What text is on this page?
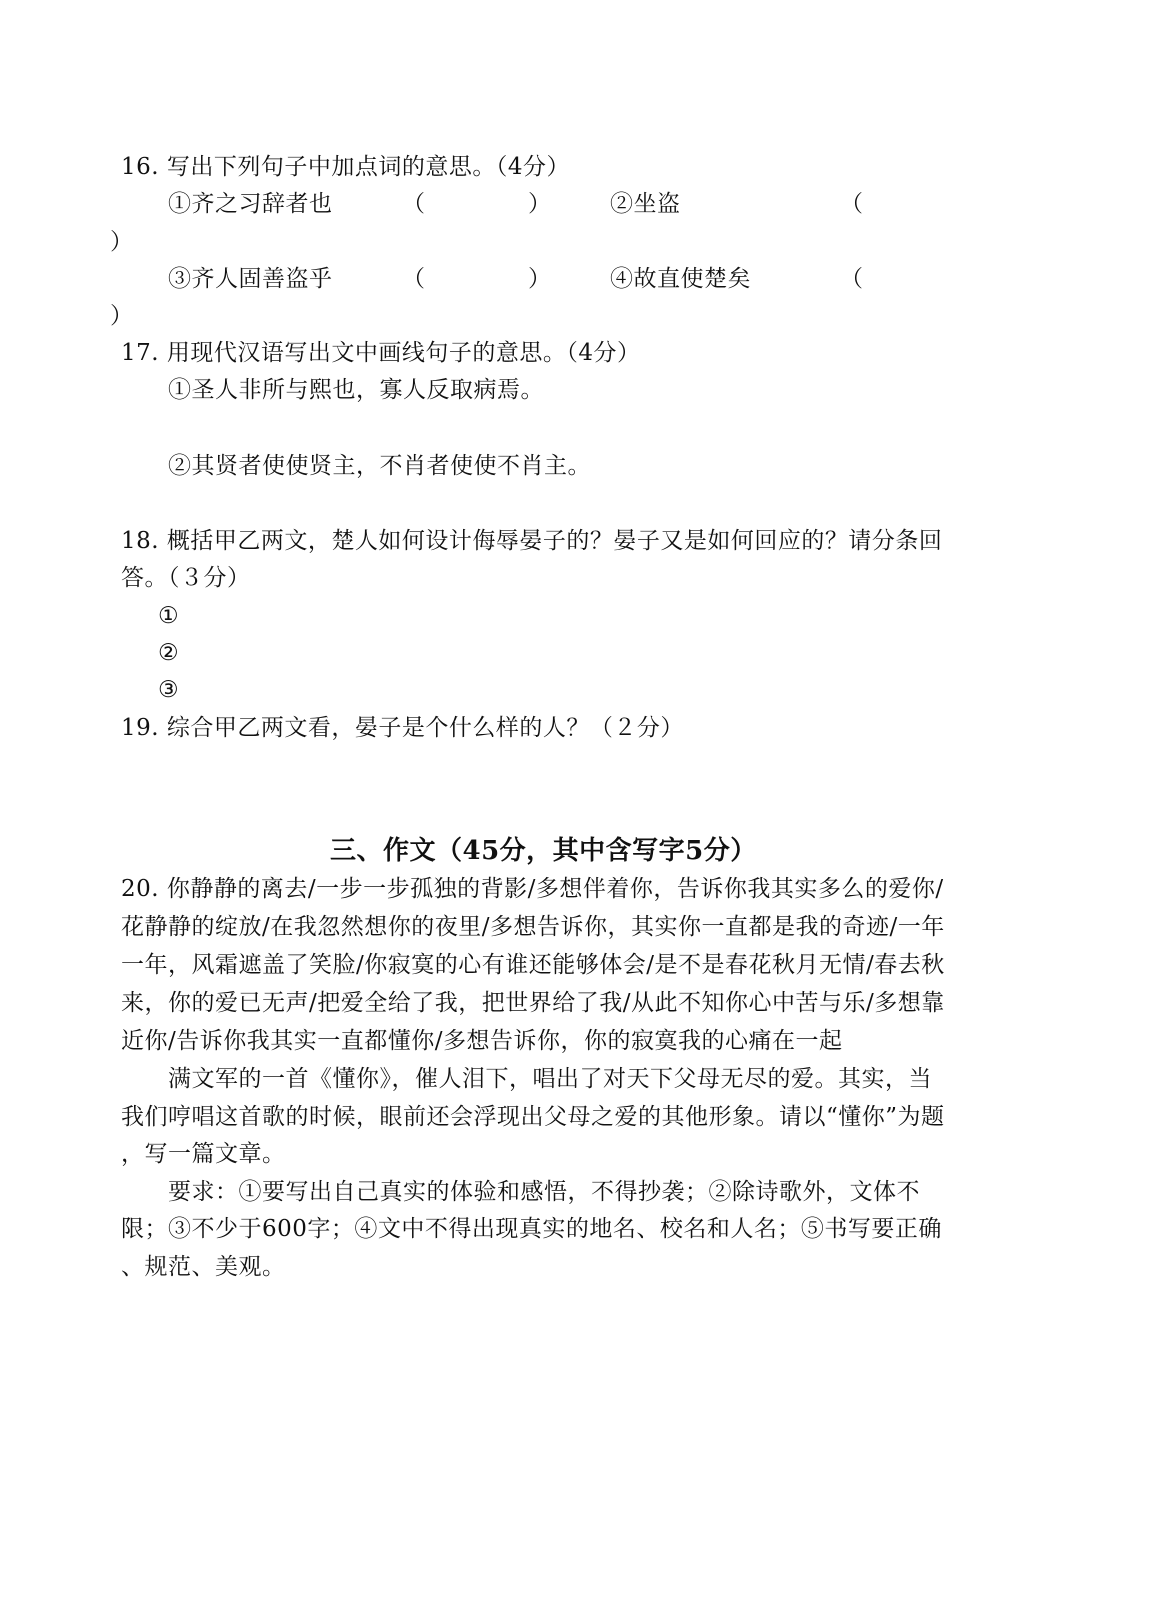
16. 写出下列句子中加点词的意思。（4分）
①齐之习辞者也	（	）	②坐盗	（
）
③齐人固善盗乎	（	）	④故直使楚矣	（
）
17. 用现代汉语写出文中画线句子的意思。（4分）
①圣人非所与熙也，寡人反取病焉。
②其贤者使使贤主，不肖者使使不肖主。
18. 概括甲乙两文，楚人如何设计侮辱晏子的？晏子又是如何回应的？请分条回
答。（３分）
①
②
③
19. 综合甲乙两文看，晏子是个什么样的人？（２分）
三、作文（45分，其中含写字5分）
20. 你静静的离去/一步一步孤独的背影/多想伴着你，告诉你我其实多么的爱你/
花静静的绽放/在我忽然想你的夜里/多想告诉你，其实你一直都是我的奇迹/一年
一年，风霜遮盖了笑脸/你寂寞的心有谁还能够体会/是不是春花秋月无情/春去秋
来，你的爱已无声/把爱全给了我，把世界给了我/从此不知你心中苦与乐/多想靠
近你/告诉你我其实一直都懂你/多想告诉你，你的寂寞我的心痛在一起
满文军的一首《懂你》，催人泪下，唱出了对天下父母无尽的爱。其实，当
我们哼唱这首歌的时候，眼前还会浮现出父母之爱的其他形象。请以“懂你”为题
，写一篇文章。
要求：①要写出自己真实的体验和感悟，不得抄袭；②除诗歌外，文体不
限；③不少于600字；④文中不得出现真实的地名、校名和人名；⑤书写要正确
、规范、美观。
